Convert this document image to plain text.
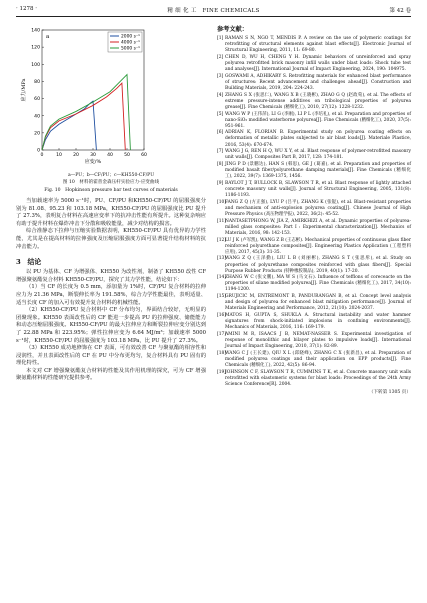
· 1278 ·	精 细 化 工　FINE CHEMICALS	第 42 卷
0	10 20 30 40 50 60
0
20
40
60
80
100
120
140
应变/%
应力/MPa
a	2000 s⁻¹
4000 s⁻¹
5000 s⁻¹
a—PU；b—CF/PU；c—KH550-CF/PU
图 10　材料的霍普金森压杆实验应力-应变曲线
Fig. 10　Hopkinson pressure bar test curves of materials

当加载速率为 5000 s⁻¹时，PU、CF/PU 和KH550-CF/PU 的屈服强度分别为 81.08、95.23 和 103.18 MPa，KH550-CF/PU 的屈服强度比 PU 提升了 27.3%，表明复合材料在高速应变率下的抗冲击性能有所提升。这种复杂响应有助于提升材料在爆炸冲击下分散和吸收能量，减少对结构的损害。

综合准静态下拉伸与压缩实验数据表明，KH550-CF/PU 具有优异的力学性能，尤其是在提高材料的拉伸强度及压缩屈服强度方面可显著提升结构材料的抗冲击能力。

3　结论

以 PU 为基体、CF 为增强体、KH550 为改性剂，制备了 KH550 改性 CF 增强聚氨酯复合材料 KH550-CF/PU，探究了其力学性能，结论如下：

（1）当 CF 的长度为 0.5 mm，添加量为 1%时，CF/PU 复合材料的拉伸应力为 21.36 MPa，断裂伸长率为 191.58%，综合力学性能最佳，表明适量、适当长度 CF 的加入可有效提升复合材料的机械性能。

（2）KH550-CF/PU 复合材料中 CF 分布均匀，界面结合较好，无明显的团聚现象。KH550 表面改性后的 CF 能进一步提高 PU 的拉伸强度、储能能力和动态压缩屈服强度。KH550-CF/PU 的最大拉伸应力和断裂拉伸应变分别达到了 22.88 MPa 和 223.95%；弹性拉伸应变为 6.64 MJ/m³；加载速率 5000 s⁻¹时，KH550-CF/PU 的屈服强度为 103.18 MPa，比 PU 提升了 27.3%。

（3）KH550 成功地修饰在 CF 表面，可有效改善 CF 与聚氨酯的相容性和浸润性，并且表面改性后的 CF 在 PU 中分布更均匀，复合材料具有 PU 固有的理化特性。

本文对 CF 增强聚氨酯复合材料的性能及其作用机理的探究，可为 CF 增强聚氨酯材料的性能研究提供参考。

参考文献：
[1] RAMAN S N, NGO T, MENDIS P. A review on the use of polymeric coatings for retrofitting of structural elements against blast effects[J]. Electronic Journal of Structural Engineering, 2011, 11: 69-80.
[2] CHEN D, WU H, CHENG Y H. Dynamic behaviors of unreinforced and spray polyurea retrofitted brick masonry infill walls under blast loads: Shock tube test and analyses[J]. International Journal of Impact Engineering, 2024, 190: 104975.
[3] GOSWAMI A, ADHIKARY S. Retrofitting materials for enhanced blast performance of structures: Recent advancement and challenges ahead[J]. Construction and Building Materials, 2019, 204: 224-243.
[4] ZHANG S X (张思仁), WANG X B (王晓彬), ZHAO G Q (赵政荀), et al. The effects of extreme pressure-intense additives on tribological properties of polyurea grease[J]. Fine Chemicals (精细化工), 2010, 27(12): 1228-1232.
[5] WANG W P (王伟萍), LI G (李刚), LI P L (李培礼), et al. Preparation and properties of nano-SiO₂ modified waterborne polyurea[J]. Fine Chemicals (精细化工), 2020, 37(5): 951-961.
[6] ADRIAN K, FLORIAN B. Experimental study on polyurea coating effects on deformation of metallic plates subjected to air blast loads[J]. Materiale Plastice, 2016, 53(4): 670-674.
[7] WANG J G, REN H Q, WU X Y, et al. Blast response of polymer-retrofitted masonry unit walls[J]. Composites Part B, 2017, 128: 174-181.
[8] JING P D (景鹏达), HAN S (韩思), GE J (葛嘉), et al. Preparation and properties of modified basalt fiber/polyurethane damping materials[J]. Fine Chemicals (精细化工), 2022, 39(7): 1369-1375, 1456.
[9] BAYLOT J T, BULLOCK B, SLAWSON T R, et al. Blast response of lightly attached concrete masonry unit walls[J]. Journal of Structural Engineering, 2005, 131(8): 1186-1193.
[10]
FANG Z Q (方正强), LYU P (吕平), ZHANG K (张锟), et al. Blast-resistant properties and mechanism of anti-explosion polyurea coating[J]. Chinese Journal of High Pressure Physics (高压物理学报), 2022, 36(2): 45-52.
[11]
NANTASETPHONG W, JIA Z, AMIRKHIZI A, et al. Dynamic properties of polyurea-milled glass composites: Part I : Experimental characterization[J]. Mechanics of Materials, 2016, 98: 142-153.
[12]
LU J K (卢军凯), WANG Z B (王志彬). Mechanical properties of continuous glass fiber reinforced polyurethane composites[J]. Engineering Plastics Application (工程塑料应用), 2017, 45(3): 31-35.
[13]
WANG Z Q (王泽勤), LIU L B (刘丽彬), ZHANG S T (张思彤), et al. Study on properties of polyurethane composites reinforced with glass fibers[J]. Special Purpose Rubber Products (特种橡胶制品), 2019, 40(1): 17-20.
[14]
ZHANG W C (张文鹏), MA W S (马文石). Influence of tefflons of coreceacte on the properties of silane modified polyurea[J]. Fine Chemicals (精细化工), 2017, 34(10): 1194-1200.
[15]
GRUJICIC M, ENTREMONT B, PANDURANGAN B, et al. Concept level analysis and design of polyurea for enhanced blast mitigation performance[J]. Journal of Materials Engineering and Performance, 2012, 21(10): 2024-2037.
[16]
MATOS H, GUPTA S, SHUKLA A. Structural instability and water hammer signatures from shock-initiated implosions in confining environments[J]. Mechanics of Materials, 2016, 116: 169-179.
[17]
AMINI M R, ISAACS J B, NEMAT-NASSER S. Experimental investigation of response of monolithic and bilayer plates to impulsive loads[J]. International Journal of Impact Engineering, 2010, 37(1): 82-89.
[18]
WANG C J (王长建), QIU X L (邱晓峰), ZHANG C X (张新昌), et al. Preparation of modified polyurea coatings and their application on EPP products[J]. Fine Chemicals (精细化工), 2022, 42(5): 86-94.
[19]
JOHNSON C F, SLAWSON T R, CUMMINS T K, et al. Concrete masonry unit walls retrofitted with elastomeric systems for blast loads: Proceedings of the 24th Army Science Conference[R]. 2004.
（下转第 1305 页）
